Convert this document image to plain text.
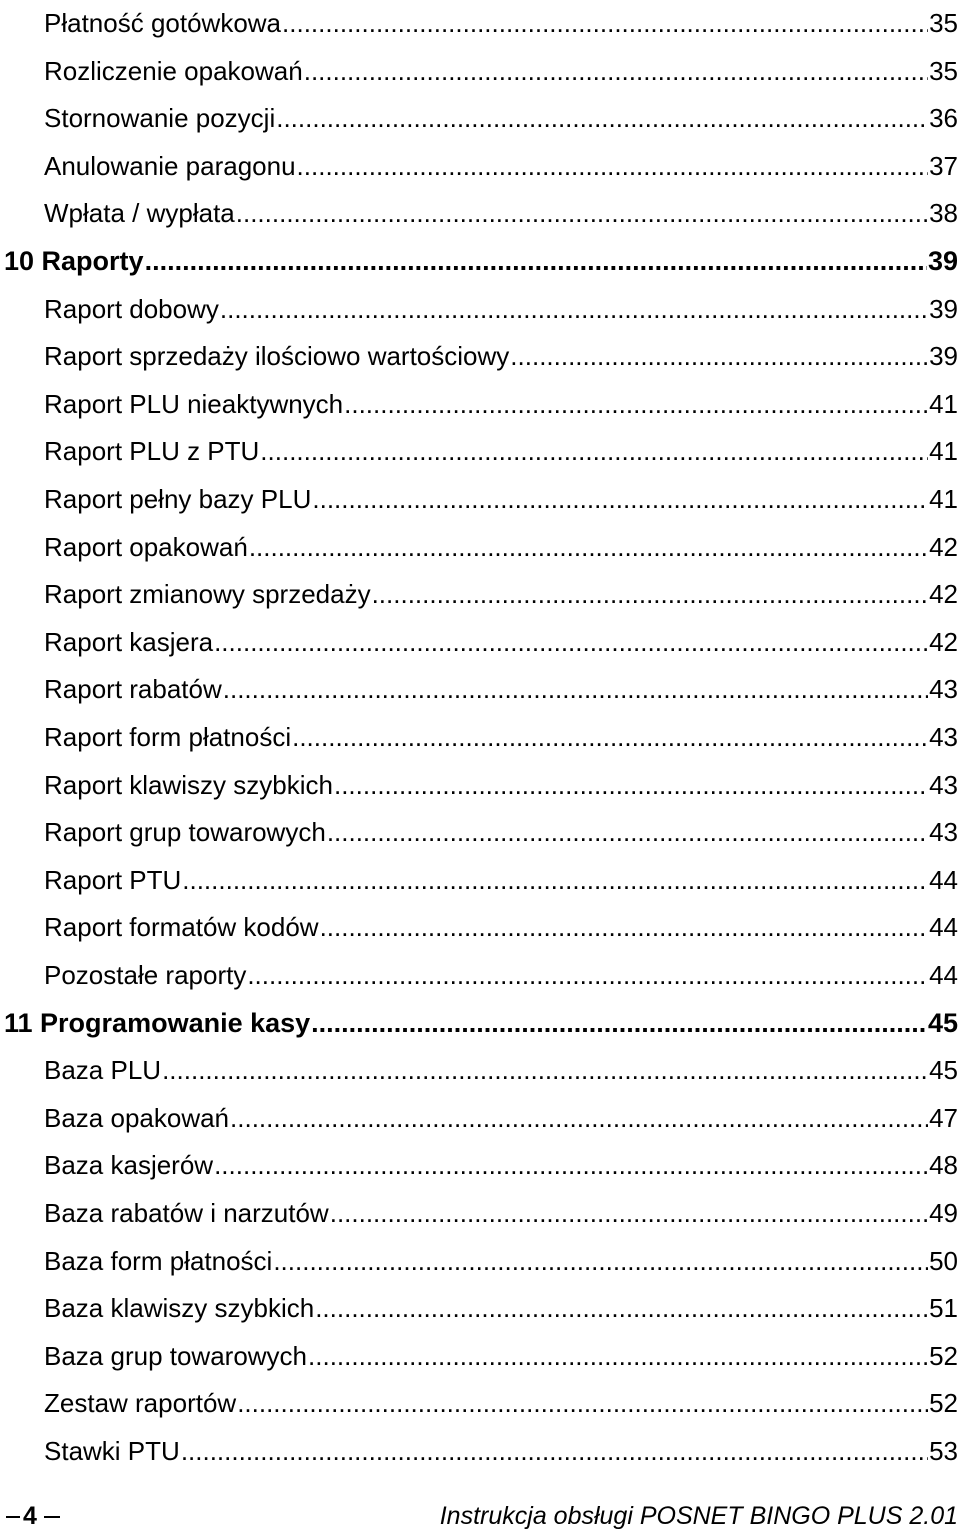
Płatność gotówkowa .....	35
Rozliczenie opakowań .....	35
Stornowanie pozycji .....	36
Anulowanie paragonu .....	37
Wpłata / wypłata .....	38
10 Raporty .....	39
Raport dobowy .....	39
Raport sprzedaży ilościowo wartościowy .....	39
Raport PLU nieaktywnych .....	41
Raport PLU z PTU .....	41
Raport pełny bazy PLU .....	41
Raport opakowań .....	42
Raport zmianowy sprzedaży .....	42
Raport kasjera .....	42
Raport rabatów .....	43
Raport form płatności .....	43
Raport klawiszy szybkich .....	43
Raport grup towarowych .....	43
Raport PTU .....	44
Raport formatów kodów .....	44
Pozostałe raporty .....	44
11 Programowanie kasy .....	45
Baza PLU .....	45
Baza opakowań .....	47
Baza kasjerów .....	48
Baza rabatów i narzutów .....	49
Baza form płatności .....	50
Baza klawiszy szybkich .....	51
Baza grup towarowych .....	52
Zestaw raportów .....	52
Stawki PTU .....	53
4	Instrukcja obsługi POSNET BINGO PLUS 2.01
